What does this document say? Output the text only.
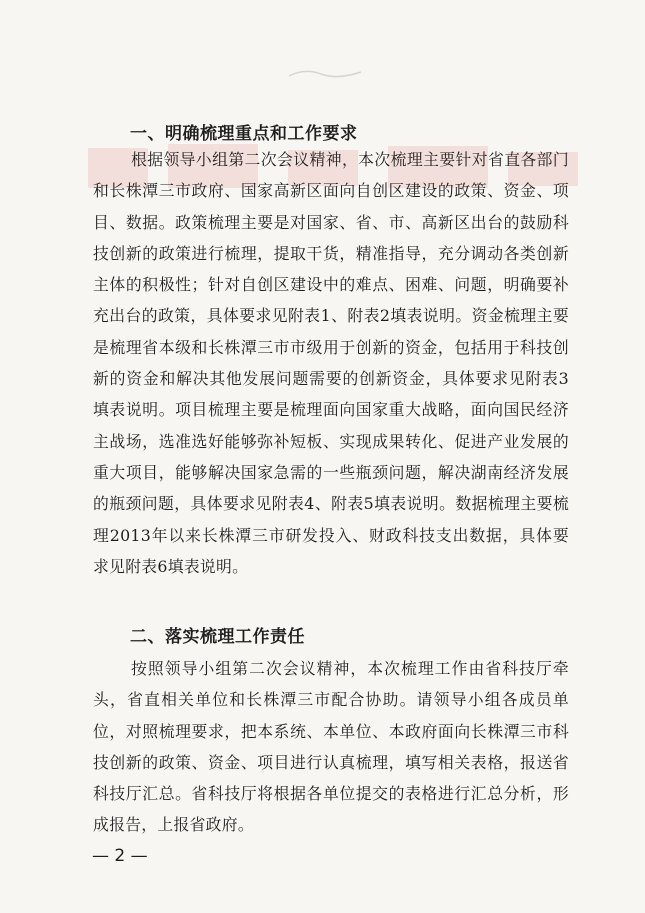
一、明确梳理重点和工作要求
根据领导小组第二次会议精神，本次梳理主要针对省直各部门和长株潭三市政府、国家高新区面向自创区建设的政策、资金、项目、数据。政策梳理主要是对国家、省、市、高新区出台的鼓励科技创新的政策进行梳理，提取干货，精准指导，充分调动各类创新主体的积极性；针对自创区建设中的难点、困难、问题，明确要补充出台的政策，具体要求见附表1、附表2填表说明。资金梳理主要是梳理省本级和长株潭三市市级用于创新的资金，包括用于科技创新的资金和解决其他发展问题需要的创新资金，具体要求见附表3填表说明。项目梳理主要是梳理面向国家重大战略，面向国民经济主战场，选准选好能够弥补短板、实现成果转化、促进产业发展的重大项目，能够解决国家急需的一些瓶颈问题，解决湖南经济发展的瓶颈问题，具体要求见附表4、附表5填表说明。数据梳理主要梳理2013年以来长株潭三市研发投入、财政科技支出数据，具体要求见附表6填表说明。
二、落实梳理工作责任
按照领导小组第二次会议精神，本次梳理工作由省科技厅牵头，省直相关单位和长株潭三市配合协助。请领导小组各成员单位，对照梳理要求，把本系统、本单位、本政府面向长株潭三市科技创新的政策、资金、项目进行认真梳理，填写相关表格，报送省科技厅汇总。省科技厅将根据各单位提交的表格进行汇总分析，形成报告，上报省政府。
— 2 —
